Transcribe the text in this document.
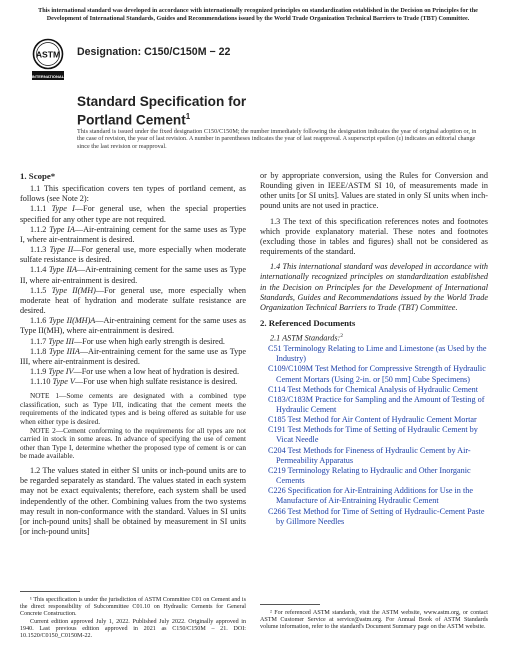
This international standard was developed in accordance with internationally recognized principles on standardization established in the Decision on Principles for the Development of International Standards, Guides and Recommendations issued by the World Trade Organization Technical Barriers to Trade (TBT) Committee.
ASTM
INTERNATIONAL
Designation: C150/C150M − 22
Standard Specification for
Portland Cement$^1$
This standard is issued under the fixed designation C150/C150M; the number immediately following the designation indicates the year of original adoption or, in the case of revision, the year of last revision. A number in parentheses indicates the year of last reapproval. A superscript epsilon (ε) indicates an editorial change since the last revision or reapproval.

1. Scope*

1.1 This specification covers ten types of portland cement, as follows (see Note 2):

1.1.1 Type I—For general use, when the special properties specified for any other type are not required.

1.1.2 Type IA—Air-entraining cement for the same uses as Type I, where air-entrainment is desired.

1.1.3 Type II—For general use, more especially when moderate sulfate resistance is desired.

1.1.4 Type IIA—Air-entraining cement for the same uses as Type II, where air-entrainment is desired.

1.1.5 Type II(MH)—For general use, more especially when moderate heat of hydration and moderate sulfate resistance are desired.

1.1.6 Type II(MH)A—Air-entraining cement for the same uses as Type II(MH), where air-entrainment is desired.

1.1.7 Type III—For use when high early strength is desired.

1.1.8 Type IIIA—Air-entraining cement for the same use as Type III, where air-entrainment is desired.

1.1.9 Type IV—For use when a low heat of hydration is desired.

1.1.10 Type V—For use when high sulfate resistance is desired.

NOTE 1—Some cements are designated with a combined type classification, such as Type I/II, indicating that the cement meets the requirements of the indicated types and is being offered as suitable for use when either type is desired.

NOTE 2—Cement conforming to the requirements for all types are not carried in stock in some areas. In advance of specifying the use of cement other than Type I, determine whether the proposed type of cement is or can be made available.

1.2 The values stated in either SI units or inch-pound units are to be regarded separately as standard. The values stated in each system may not be exact equivalents; therefore, each system shall be used independently of the other. Combining values from the two systems may result in non-conformance with the standard. Values in SI units [or inch-pound units] shall be obtained by measurement in SI units [or inch-pound units]

¹ This specification is under the jurisdiction of ASTM Committee C01 on Cement and is the direct responsibility of Subcommittee C01.10 on Hydraulic Cements for General Concrete Construction.

Current edition approved July 1, 2022. Published July 2022. Originally approved in 1940. Last previous edition approved in 2021 as C150/C150M – 21. DOI: 10.1520/C0150_C0150M-22.

or by appropriate conversion, using the Rules for Conversion and Rounding given in IEEE/ASTM SI 10, of measurements made in other units [or SI units]. Values are stated in only SI units when inch-pound units are not used in practice.

1.3 The text of this specification references notes and footnotes which provide explanatory material. These notes and footnotes (excluding those in tables and figures) shall not be considered as requirements of the standard.

1.4 This international standard was developed in accordance with internationally recognized principles on standardization established in the Decision on Principles for the Development of International Standards, Guides and Recommendations issued by the World Trade Organization Technical Barriers to Trade (TBT) Committee.

2. Referenced Documents

2.1 ASTM Standards:$^2$

C51 Terminology Relating to Lime and Limestone (as Used by the Industry)

C109/C109M Test Method for Compressive Strength of Hydraulic Cement Mortars (Using 2-in. or [50 mm] Cube Specimens)

C114 Test Methods for Chemical Analysis of Hydraulic Cement

C183/C183M Practice for Sampling and the Amount of Testing of Hydraulic Cement

C185 Test Method for Air Content of Hydraulic Cement Mortar

C191 Test Methods for Time of Setting of Hydraulic Cement by Vicat Needle

C204 Test Methods for Fineness of Hydraulic Cement by Air-Permeability Apparatus

C219 Terminology Relating to Hydraulic and Other Inorganic Cements

C226 Specification for Air-Entraining Additions for Use in the Manufacture of Air-Entraining Hydraulic Cement

C266 Test Method for Time of Setting of Hydraulic-Cement Paste by Gillmore Needles

² For referenced ASTM standards, visit the ASTM website, www.astm.org, or contact ASTM Customer Service at service@astm.org. For Annual Book of ASTM Standards volume information, refer to the standard's Document Summary page on the ASTM website.
